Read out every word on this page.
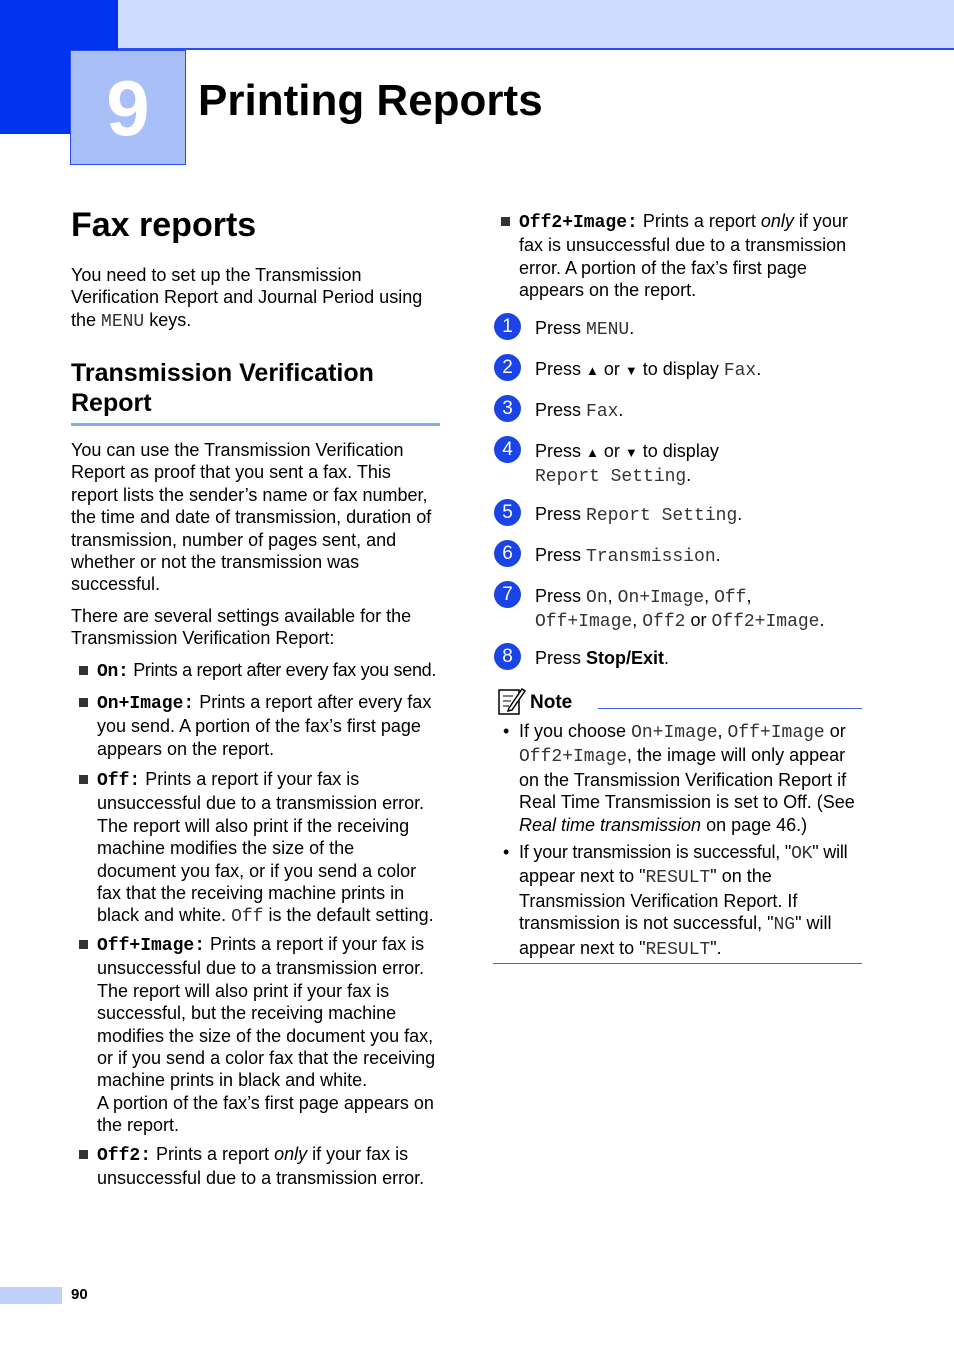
9	Printing Reports
Fax reports
You need to set up the Transmission
Verification Report and Journal Period using
the MENU keys.
Transmission Verification Report
You can use the Transmission Verification
Report as proof that you sent a fax. This
report lists the sender’s name or fax number,
the time and date of transmission, duration of
transmission, number of pages sent, and
whether or not the transmission was
successful.
There are several settings available for the
Transmission Verification Report:
On: Prints a report after every fax you send.
On+Image: Prints a report after every fax
you send. A portion of the fax’s first page
appears on the report.
Off: Prints a report if your fax is
unsuccessful due to a transmission error.
The report will also print if the receiving
machine modifies the size of the
document you fax, or if you send a color
fax that the receiving machine prints in
black and white. Off is the default setting.
Off+Image: Prints a report if your fax is
unsuccessful due to a transmission error.
The report will also print if your fax is
successful, but the receiving machine
modifies the size of the document you fax,
or if you send a color fax that the receiving
machine prints in black and white.
A portion of the fax’s first page appears on
the report.
Off2: Prints a report only if your fax is
unsuccessful due to a transmission error.
Off2+Image: Prints a report only if your
fax is unsuccessful due to a transmission
error. A portion of the fax’s first page
appears on the report.
1	Press MENU.
2	Press ▲ or ▼ to display Fax.
3	Press Fax.
4	Press ▲ or ▼ to display
Report Setting.
5	Press Report Setting.
6	Press Transmission.
7	Press On, On+Image, Off,
Off+Image, Off2 or Off2+Image.
8	Press Stop/Exit.
Note
• If you choose On+Image, Off+Image or
Off2+Image, the image will only appear
on the Transmission Verification Report if
Real Time Transmission is set to Off. (See
Real time transmission on page 46.)
• If your transmission is successful, "OK" will
appear next to "RESULT" on the
Transmission Verification Report. If
transmission is not successful, "NG" will
appear next to "RESULT".
90
